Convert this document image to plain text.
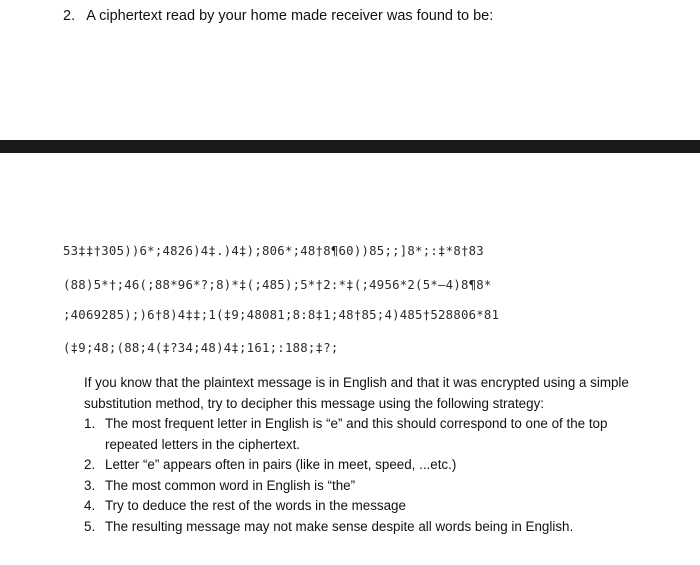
2. A ciphertext read by your home made receiver was found to be:
53‡‡†305))6*;4826)4‡.)4‡);806*;48†8¶60))85;;]8*;:‡*8†83
(88)5*†;46(;88*96*?;8)*‡(;485);5*†2:*‡(;4956*2(5*—4)8¶8*
;4069285);)6†8)4‡‡;1(‡9;48081;8:8‡1;48†85;4)485†528806*81
(‡9;48;(88;4(‡?34;48)4‡;161;:188;‡?;

If you know that the plaintext message is in English and that it was encrypted using a simple substitution method, try to decipher this message using the following strategy:

1. The most frequent letter in English is “e” and this should correspond to one of the top repeated letters in the ciphertext.
2. Letter “e” appears often in pairs (like in meet, speed, ...etc.)
3. The most common word in English is “the”
4. Try to deduce the rest of the words in the message
5. The resulting message may not make sense despite all words being in English.
